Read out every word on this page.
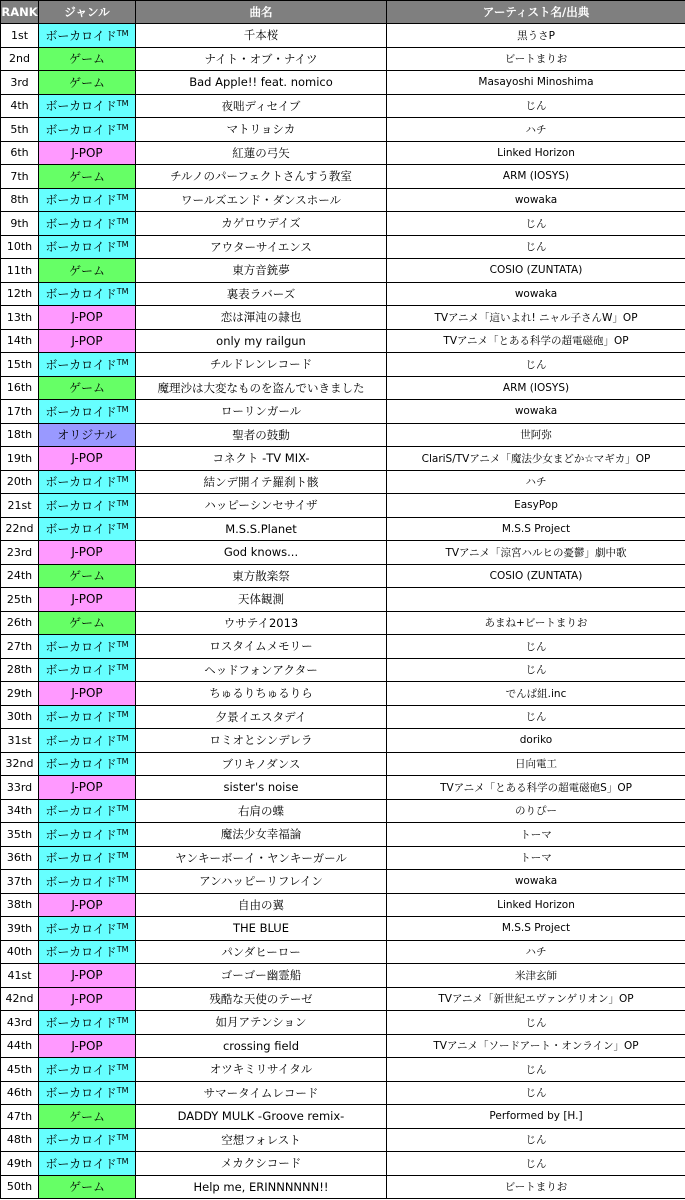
RANK	ジャンル	曲名	アーティスト名/出典
1st	ボーカロイド™	千本桜	黒うさP
2nd	ゲーム	ナイト・オブ・ナイツ	ビートまりお
3rd	ゲーム	Bad Apple!! feat. nomico	Masayoshi Minoshima
4th	ボーカロイド™	夜咄ディセイブ	じん
5th	ボーカロイド™	マトリョシカ	ハチ
6th	J-POP	紅蓮の弓矢	Linked Horizon
7th	ゲーム	チルノのパーフェクトさんすう教室	ARM (IOSYS)
8th	ボーカロイド™	ワールズエンド・ダンスホール	wowaka
9th	ボーカロイド™	カゲロウデイズ	じん
10th	ボーカロイド™	アウターサイエンス	じん
11th	ゲーム	東方音銃夢	COSIO (ZUNTATA)
12th	ボーカロイド™	裏表ラバーズ	wowaka
13th	J-POP	恋は渾沌の隷也	TVアニメ「這いよれ! ニャル子さんW」OP
14th	J-POP	only my railgun	TVアニメ「とある科学の超電磁砲」OP
15th	ボーカロイド™	チルドレンレコード	じん
16th	ゲーム	魔理沙は大変なものを盗んでいきました	ARM (IOSYS)
17th	ボーカロイド™	ローリンガール	wowaka
18th	オリジナル	聖者の鼓動	世阿弥
19th	J-POP	コネクト -TV MIX-	ClariS/TVアニメ「魔法少女まどか☆マギカ」OP
20th	ボーカロイド™	結ンデ開イテ羅刹ト骸	ハチ
21st	ボーカロイド™	ハッピーシンセサイザ	EasyPop
22nd	ボーカロイド™	M.S.S.Planet	M.S.S Project
23rd	J-POP	God knows...	TVアニメ「涼宮ハルヒの憂鬱」劇中歌
24th	ゲーム	東方散楽祭	COSIO (ZUNTATA)
25th	J-POP	天体観測	
26th	ゲーム	ウサテイ2013	あまね+ビートまりお
27th	ボーカロイド™	ロスタイムメモリー	じん
28th	ボーカロイド™	ヘッドフォンアクター	じん
29th	J-POP	ちゅるりちゅるりら	でんぱ組.inc
30th	ボーカロイド™	夕景イエスタデイ	じん
31st	ボーカロイド™	ロミオとシンデレラ	doriko
32nd	ボーカロイド™	ブリキノダンス	日向電工
33rd	J-POP	sister's noise	TVアニメ「とある科学の超電磁砲S」OP
34th	ボーカロイド™	右肩の蝶	のりぴー
35th	ボーカロイド™	魔法少女幸福論	トーマ
36th	ボーカロイド™	ヤンキーボーイ・ヤンキーガール	トーマ
37th	ボーカロイド™	アンハッピーリフレイン	wowaka
38th	J-POP	自由の翼	Linked Horizon
39th	ボーカロイド™	THE BLUE	M.S.S Project
40th	ボーカロイド™	パンダヒーロー	ハチ
41st	J-POP	ゴーゴー幽霊船	米津玄師
42nd	J-POP	残酷な天使のテーゼ	TVアニメ「新世紀エヴァンゲリオン」OP
43rd	ボーカロイド™	如月アテンション	じん
44th	J-POP	crossing field	TVアニメ「ソードアート・オンライン」OP
45th	ボーカロイド™	オツキミリサイタル	じん
46th	ボーカロイド™	サマータイムレコード	じん
47th	ゲーム	DADDY MULK -Groove remix-	Performed by [H.]
48th	ボーカロイド™	空想フォレスト	じん
49th	ボーカロイド™	メカクシコード	じん
50th	ゲーム	Help me, ERINNNNNN!!	ビートまりお
